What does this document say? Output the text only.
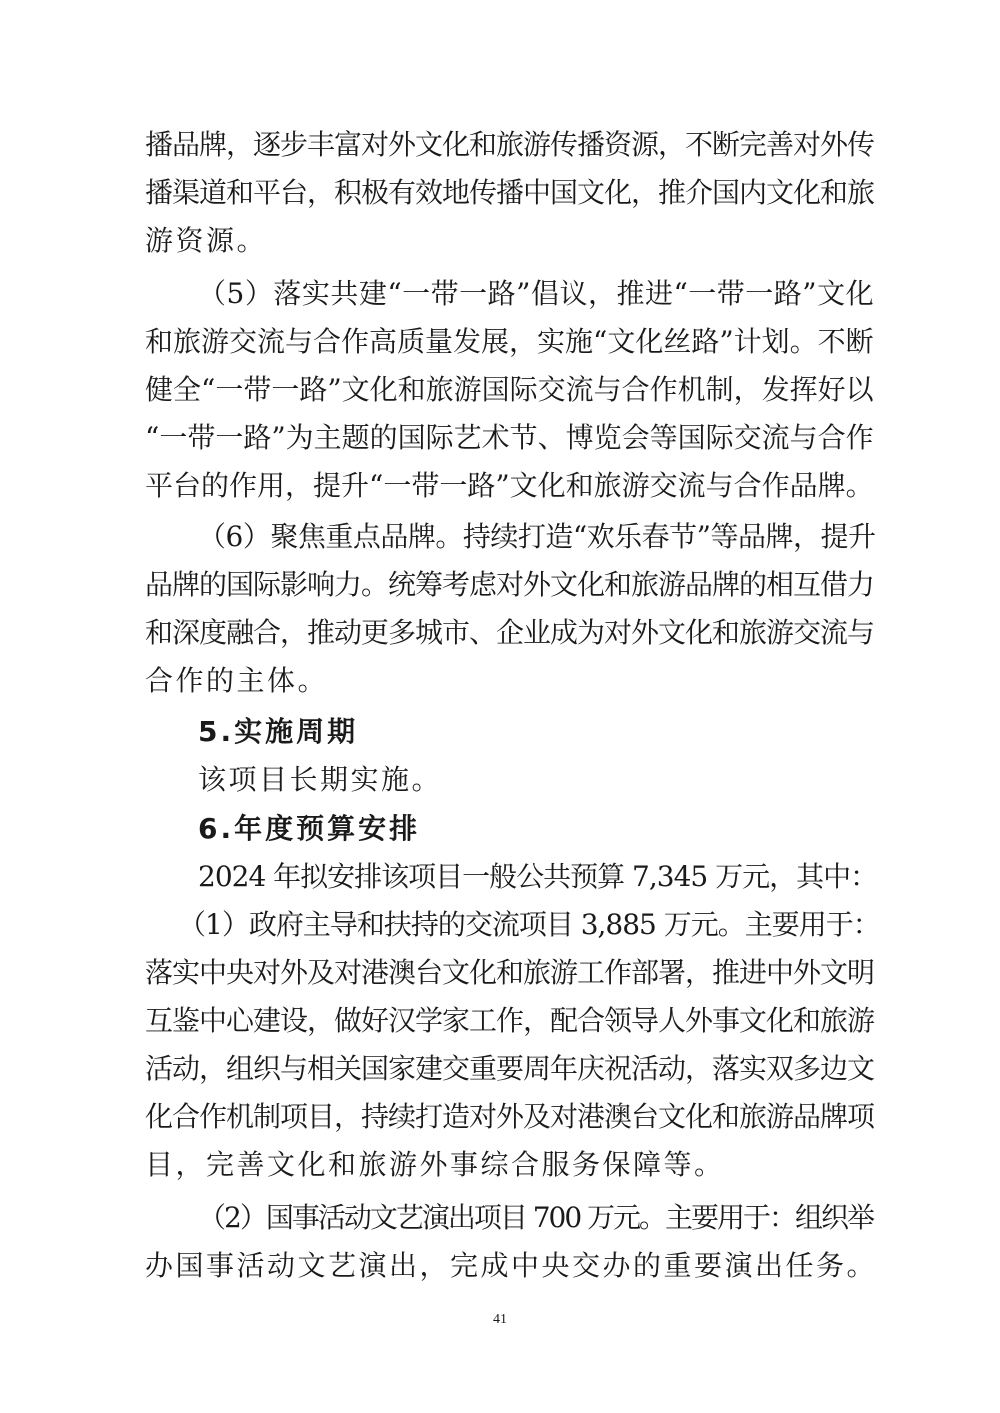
播品牌，逐步丰富对外文化和旅游传播资源，不断完善对外传
播渠道和平台，积极有效地传播中国文化，推介国内文化和旅
游资源。
（5）落实共建“一带一路”倡议，推进“一带一路”文化
和旅游交流与合作高质量发展，实施“文化丝路”计划。不断
健全“一带一路”文化和旅游国际交流与合作机制，发挥好以
“一带一路”为主题的国际艺术节、博览会等国际交流与合作
平台的作用，提升“一带一路”文化和旅游交流与合作品牌。
（6）聚焦重点品牌。持续打造“欢乐春节”等品牌，提升
品牌的国际影响力。统筹考虑对外文化和旅游品牌的相互借力
和深度融合，推动更多城市、企业成为对外文化和旅游交流与
合作的主体。
5.实施周期
该项目长期实施。
6.年度预算安排
2024 年拟安排该项目一般公共预算 7,345 万元，其中：
（1）政府主导和扶持的交流项目 3,885 万元。主要用于：
落实中央对外及对港澳台文化和旅游工作部署，推进中外文明
互鉴中心建设，做好汉学家工作，配合领导人外事文化和旅游
活动，组织与相关国家建交重要周年庆祝活动，落实双多边文
化合作机制项目，持续打造对外及对港澳台文化和旅游品牌项
目，完善文化和旅游外事综合服务保障等。
（2）国事活动文艺演出项目 700 万元。主要用于：组织举
办国事活动文艺演出，完成中央交办的重要演出任务。
41
